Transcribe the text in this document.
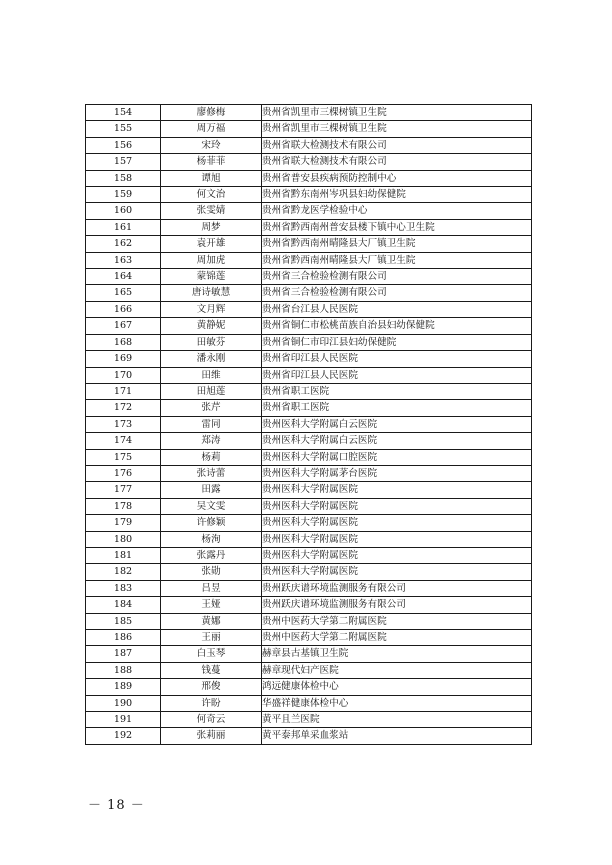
154	廖修梅	贵州省凯里市三棵树镇卫生院
155	周万福	贵州省凯里市三棵树镇卫生院
156	宋玲	贵州省联大检测技术有限公司
157	杨菲菲	贵州省联大检测技术有限公司
158	谭旭	贵州省普安县疾病预防控制中心
159	何文治	贵州省黔东南州岑巩县妇幼保健院
160	张雯婧	贵州省黔龙医学检验中心
161	周梦	贵州省黔西南州普安县楼下镇中心卫生院
162	袁开雄	贵州省黔西南州晴隆县大厂镇卫生院
163	周加虎	贵州省黔西南州晴隆县大厂镇卫生院
164	蒙锦莲	贵州省三合检验检测有限公司
165	唐诗敏慧	贵州省三合检验检测有限公司
166	文月辉	贵州省台江县人民医院
167	黄静妮	贵州省铜仁市松桃苗族自治县妇幼保健院
168	田敏芬	贵州省铜仁市印江县妇幼保健院
169	潘永刚	贵州省印江县人民医院
170	田维	贵州省印江县人民医院
171	田旭莲	贵州省职工医院
172	张芹	贵州省职工医院
173	雷同	贵州医科大学附属白云医院
174	郑涛	贵州医科大学附属白云医院
175	杨莉	贵州医科大学附属口腔医院
176	张诗蕾	贵州医科大学附属茅台医院
177	田露	贵州医科大学附属医院
178	吴文雯	贵州医科大学附属医院
179	许修颖	贵州医科大学附属医院
180	杨洵	贵州医科大学附属医院
181	张露丹	贵州医科大学附属医院
182	张勋	贵州医科大学附属医院
183	吕昱	贵州跃庆谱环境监测服务有限公司
184	王娅	贵州跃庆谱环境监测服务有限公司
185	黄娜	贵州中医药大学第二附属医院
186	王丽	贵州中医药大学第二附属医院
187	白玉琴	赫章县古基镇卫生院
188	钱蔓	赫章现代妇产医院
189	邢俊	鸿远健康体检中心
190	许盼	华盛祥健康体检中心
191	何奇云	黄平且兰医院
192	张莉丽	黄平泰邦单采血浆站
－ 18 －
